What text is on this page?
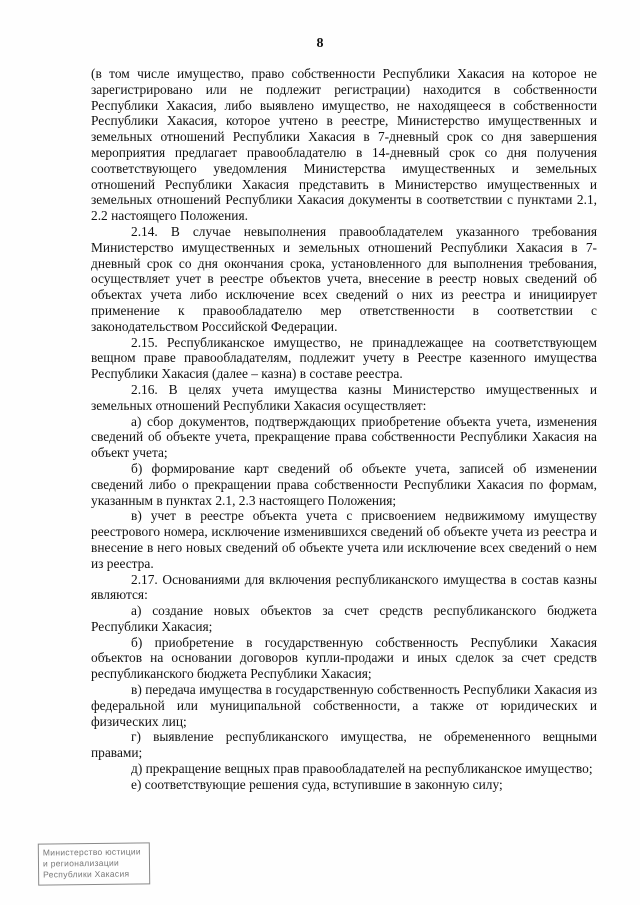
8

(в том числе имущество, право собственности Республики Хакасия на которое не зарегистрировано или не подлежит регистрации) находится в собственности Республики Хакасия, либо выявлено имущество, не находящееся в собственности Республики Хакасия, которое учтено в реестре, Министерство имущественных и земельных отношений Республики Хакасия в 7-дневный срок со дня завершения мероприятия предлагает правообладателю в 14-дневный срок со дня получения соответствующего уведомления Министерства имущественных и земельных отношений Республики Хакасия представить в Министерство имущественных и земельных отношений Республики Хакасия документы в соответствии с пунктами 2.1, 2.2 настоящего Положения.

2.14. В случае невыполнения правообладателем указанного требования Министерство имущественных и земельных отношений Республики Хакасия в 7-дневный срок со дня окончания срока, установленного для выполнения требования, осуществляет учет в реестре объектов учета, внесение в реестр новых сведений об объектах учета либо исключение всех сведений о них из реестра и инициирует применение к правообладателю мер ответственности в соответствии с законодательством Российской Федерации.

2.15. Республиканское имущество, не принадлежащее на соответствующем вещном праве правообладателям, подлежит учету в Реестре казенного имущества Республики Хакасия (далее – казна) в составе реестра.

2.16. В целях учета имущества казны Министерство имущественных и земельных отношений Республики Хакасия осуществляет:

а) сбор документов, подтверждающих приобретение объекта учета, изменения сведений об объекте учета, прекращение права собственности Республики Хакасия на объект учета;

б) формирование карт сведений об объекте учета, записей об изменении сведений либо о прекращении права собственности Республики Хакасия по формам, указанным в пунктах 2.1, 2.3 настоящего Положения;

в) учет в реестре объекта учета с присвоением недвижимому имуществу реестрового номера, исключение изменившихся сведений об объекте учета из реестра и внесение в него новых сведений об объекте учета или исключение всех сведений о нем из реестра.

2.17. Основаниями для включения республиканского имущества в состав казны являются:

а) создание новых объектов за счет средств республиканского бюджета Республики Хакасия;

б) приобретение в государственную собственность Республики Хакасия объектов на основании договоров купли-продажи и иных сделок за счет средств республиканского бюджета Республики Хакасия;

в) передача имущества в государственную собственность Республики Хакасия из федеральной или муниципальной собственности, а также от юридических и физических лиц;

г) выявление республиканского имущества, не обремененного вещными правами;

д) прекращение вещных прав правообладателей на республиканское имущество;

е) соответствующие решения суда, вступившие в законную силу;

Министерство юстиции
и регионализации
Республики Хакасия
